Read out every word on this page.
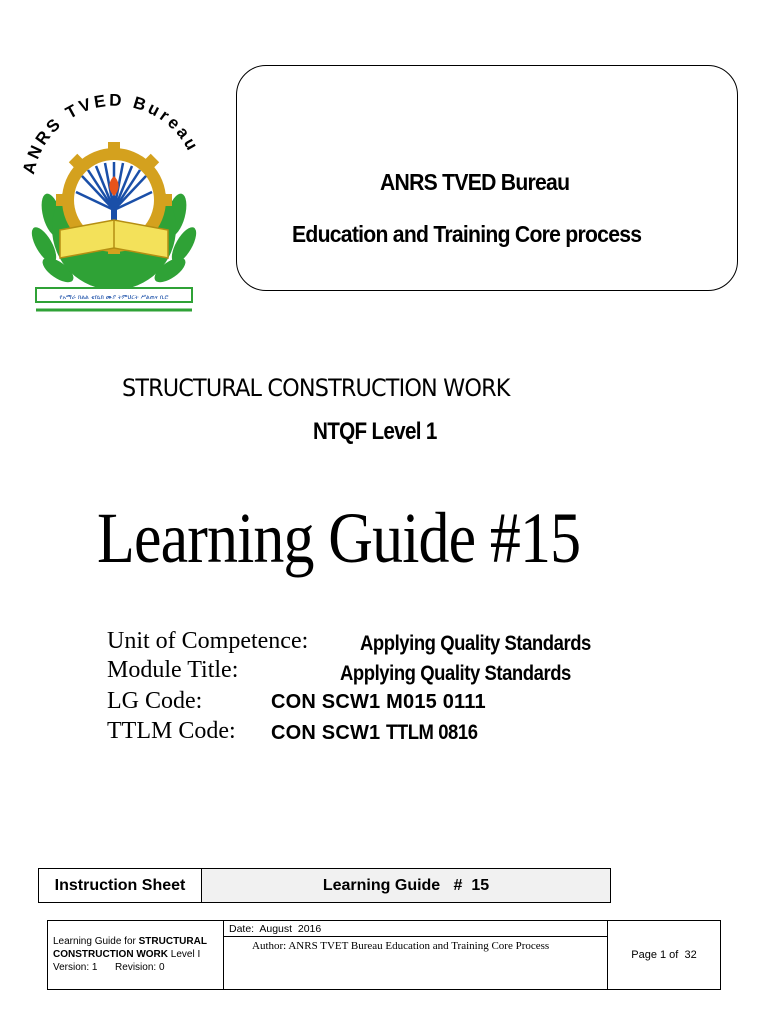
ANRS TVED Bureau
የአማራ ክልል ቴክኒክ ሙያ ትምህርት ሥልጠና ቢሮ
ANRS TVED Bureau
Education and Training Core process
STRUCTURAL CONSTRUCTION WORK
NTQF Level 1
Learning Guide #15
Unit of Competence: Applying Quality Standards
Module Title:	Applying Quality Standards
LG Code:	CON SCW1 M015 0111
TTLM Code: CON SCW1 TTLM 0816
Instruction Sheet	Learning Guide   #  15
Learning Guide for STRUCTURAL
CONSTRUCTION WORK Level I
Version: 1 Revision: 0
Date:  August  2016
Author: ANRS TVET Bureau Education and Training Core Process
Page 1 of  32
